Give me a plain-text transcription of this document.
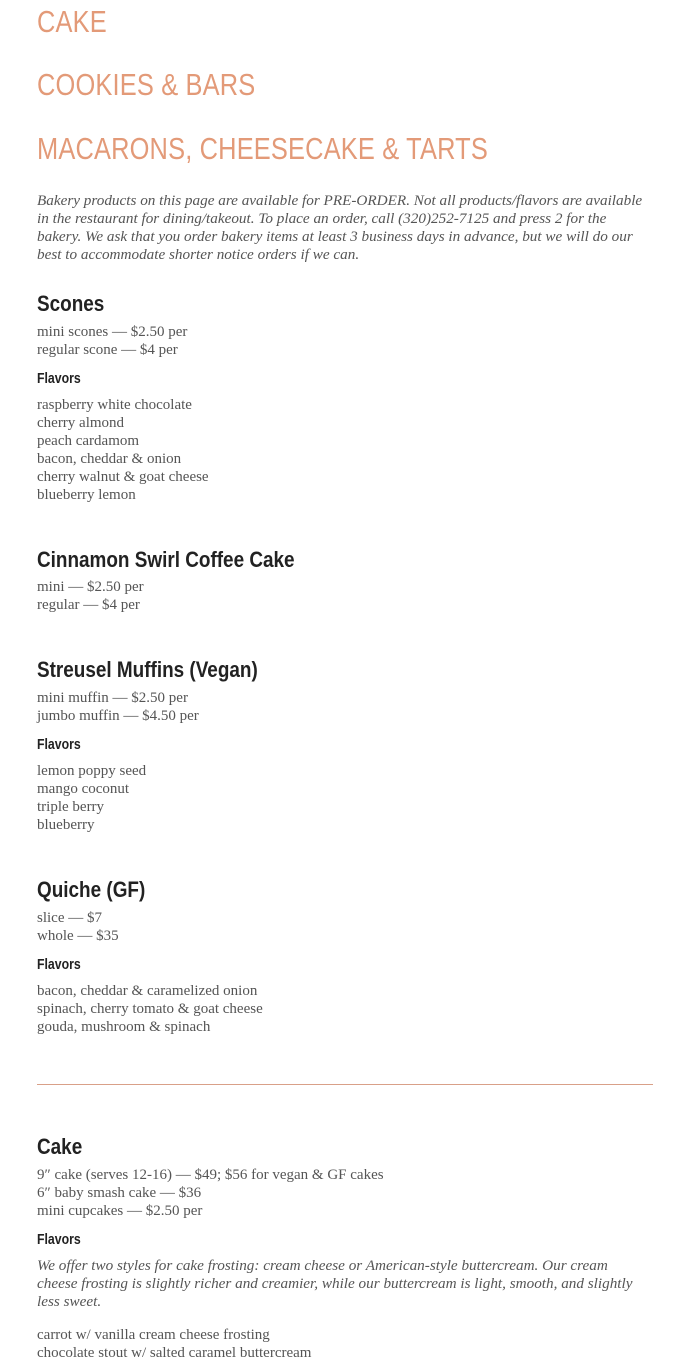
CAKE
COOKIES & BARS
MACARONS, CHEESECAKE & TARTS

Bakery products on this page are available for PRE-ORDER. Not all products/flavors are available in the restaurant for dining/takeout. To place an order, call (320)252-7125 and press 2 for the bakery. We ask that you order bakery items at least 3 business days in advance, but we will do our best to accommodate shorter notice orders if we can.

Scones
mini scones — $2.50 per
regular scone — $4 per
Flavors
raspberry white chocolate
cherry almond
peach cardamom
bacon, cheddar & onion
cherry walnut & goat cheese
blueberry lemon
Cinnamon Swirl Coffee Cake
mini — $2.50 per
regular — $4 per
Streusel Muffins (Vegan)
mini muffin — $2.50 per
jumbo muffin — $4.50 per
Flavors
lemon poppy seed
mango coconut
triple berry
blueberry
Quiche (GF)
slice — $7
whole — $35
Flavors
bacon, cheddar & caramelized onion
spinach, cherry tomato & goat cheese
gouda, mushroom & spinach
Cake
9″ cake (serves 12-16) — $49; $56 for vegan & GF cakes
6″ baby smash cake — $36
mini cupcakes — $2.50 per
Flavors

We offer two styles for cake frosting: cream cheese or American-style buttercream. Our cream cheese frosting is slightly richer and creamier, while our buttercream is light, smooth, and slightly less sweet.

carrot w/ vanilla cream cheese frosting
chocolate stout w/ salted caramel buttercream
